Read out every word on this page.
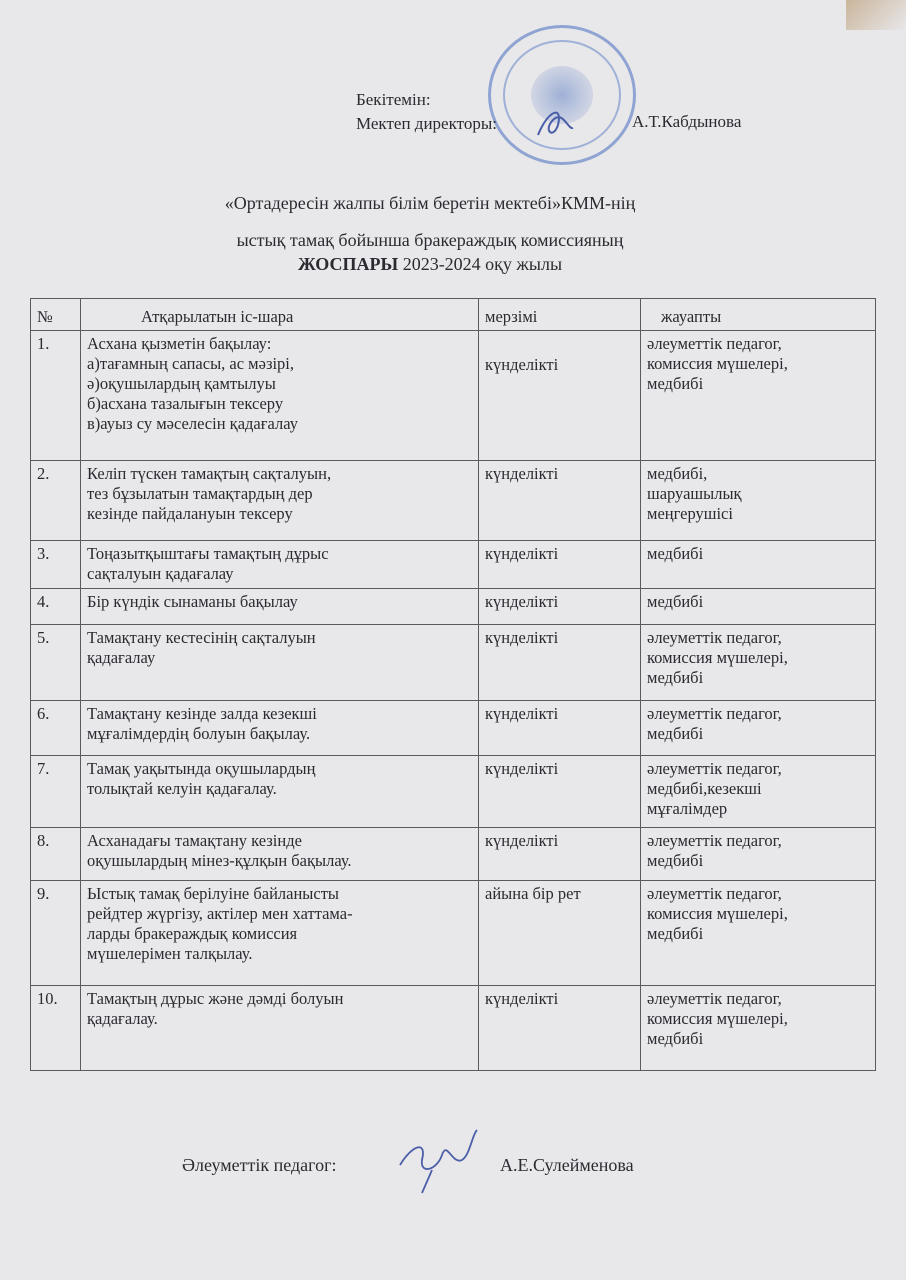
Бекітемін:
Мектеп директоры:	А.Т.Кабдынова
«Ортадересін жалпы білім беретін мектебі»КММ-нің
ыстық тамақ бойынша бракераждық комиссияның
ЖОСПАРЫ 2023-2024 оқу жылы
№	Атқарылатын іс-шара	мерзімі	жауапты
1.	Асхана қызметін бақылау:
а)тағамның сапасы, ас мәзірі,
ә)оқушылардың қамтылуы
б)асхана тазалығын тексеру
в)ауыз су мәселесін қадағалау	күнделікті	әлеуметтік педагог,
комиссия мүшелері,
медбибі
2.	Келіп түскен тамақтың сақталуын,
тез бұзылатын тамақтардың дер
кезінде пайдалануын тексеру	күнделікті	медбибі,
шаруашылық
меңгерушісі
3.	Тоңазытқыштағы тамақтың дұрыс
сақталуын қадағалау	күнделікті	медбибі
4.	Бір күндік сынаманы бақылау	күнделікті	медбибі
5.	Тамақтану кестесінің сақталуын
қадағалау	күнделікті	әлеуметтік педагог,
комиссия мүшелері,
медбибі
6.	Тамақтану кезінде залда кезекші
мұғалімдердің болуын бақылау.	күнделікті	әлеуметтік педагог,
медбибі
7.	Тамақ уақытында оқушылардың
толықтай келуін қадағалау.	күнделікті	әлеуметтік педагог,
медбибі,кезекші
мұғалімдер
8.	Асханадағы тамақтану кезінде
оқушылардың мінез-құлқын бақылау.	күнделікті	әлеуметтік педагог,
медбибі
9.	Ыстық тамақ берілуіне байланысты
рейдтер жүргізу, актілер мен хаттама-
ларды бракераждық комиссия
мүшелерімен талқылау.	айына бір рет	әлеуметтік педагог,
комиссия мүшелері,
медбибі
10.	Тамақтың дұрыс және дәмді болуын
қадағалау.	күнделікті	әлеуметтік педагог,
комиссия мүшелері,
медбибі
Әлеуметтік педагог:	А.Е.Сулейменова
